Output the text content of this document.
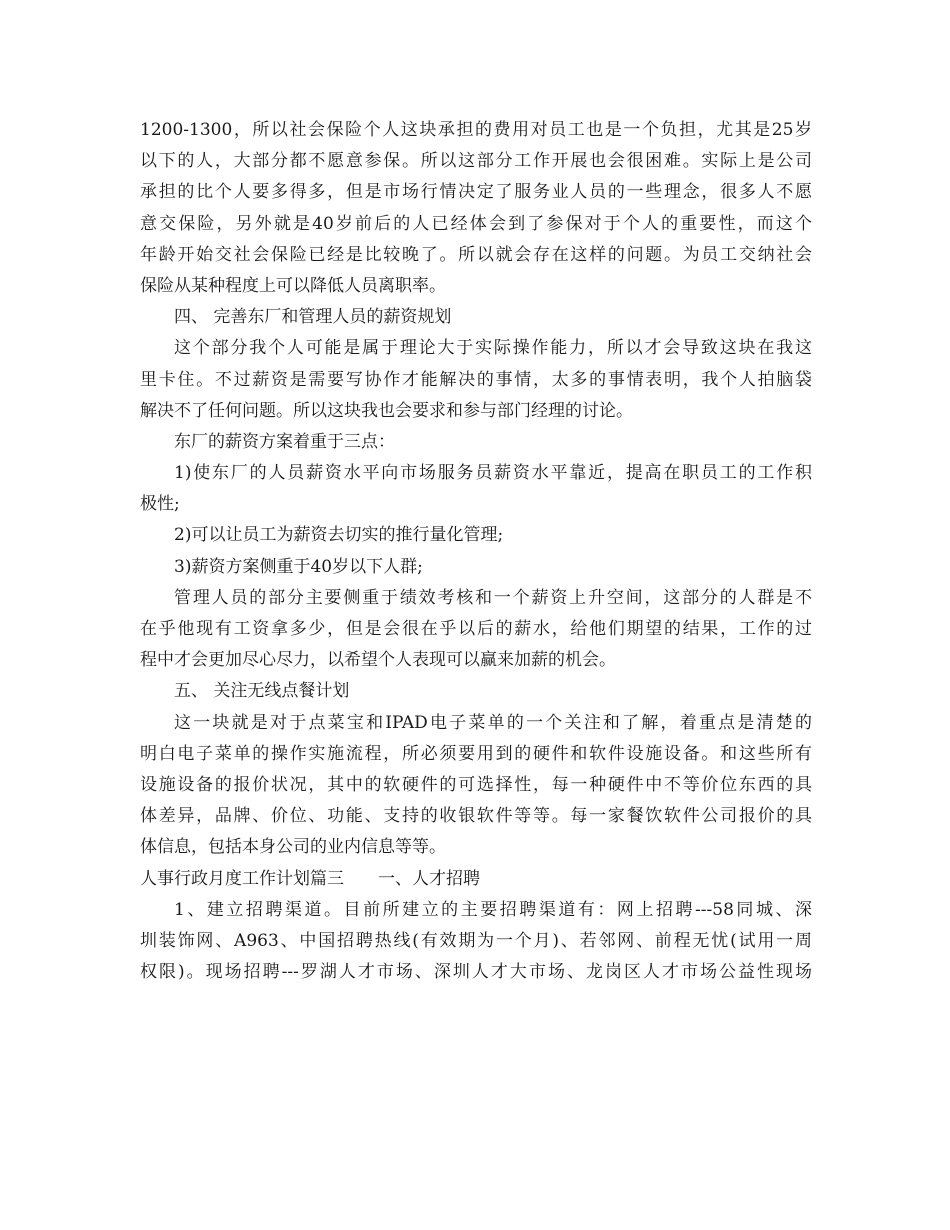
1200-1300，所以社会保险个人这块承担的费用对员工也是一个负担，尤其是25岁
以下的人，大部分都不愿意参保。所以这部分工作开展也会很困难。实际上是公司
承担的比个人要多得多，但是市场行情决定了服务业人员的一些理念，很多人不愿
意交保险，另外就是40岁前后的人已经体会到了参保对于个人的重要性，而这个
年龄开始交社会保险已经是比较晚了。所以就会存在这样的问题。为员工交纳社会
保险从某种程度上可以降低人员离职率。
四、 完善东厂和管理人员的薪资规划
这个部分我个人可能是属于理论大于实际操作能力，所以才会导致这块在我这
里卡住。不过薪资是需要写协作才能解决的事情，太多的事情表明，我个人拍脑袋
解决不了任何问题。所以这块我也会要求和参与部门经理的讨论。
东厂的薪资方案着重于三点：
1)使东厂的人员薪资水平向市场服务员薪资水平靠近，提高在职员工的工作积
极性;
2)可以让员工为薪资去切实的推行量化管理;
3)薪资方案侧重于40岁以下人群;
管理人员的部分主要侧重于绩效考核和一个薪资上升空间，这部分的人群是不
在乎他现有工资拿多少，但是会很在乎以后的薪水，给他们期望的结果，工作的过
程中才会更加尽心尽力，以希望个人表现可以赢来加薪的机会。
五、 关注无线点餐计划
这一块就是对于点菜宝和IPAD电子菜单的一个关注和了解，着重点是清楚的
明白电子菜单的操作实施流程，所必须要用到的硬件和软件设施设备。和这些所有
设施设备的报价状况，其中的软硬件的可选择性，每一种硬件中不等价位东西的具
体差异，品牌、价位、功能、支持的收银软件等等。每一家餐饮软件公司报价的具
体信息，包括本身公司的业内信息等等。
人事行政月度工作计划篇三　　一、人才招聘
1、建立招聘渠道。目前所建立的主要招聘渠道有：网上招聘---58同城、深
圳装饰网、A963、中国招聘热线(有效期为一个月)、若邻网、前程无忧(试用一周
权限)。现场招聘---罗湖人才市场、深圳人才大市场、龙岗区人才市场公益性现场
